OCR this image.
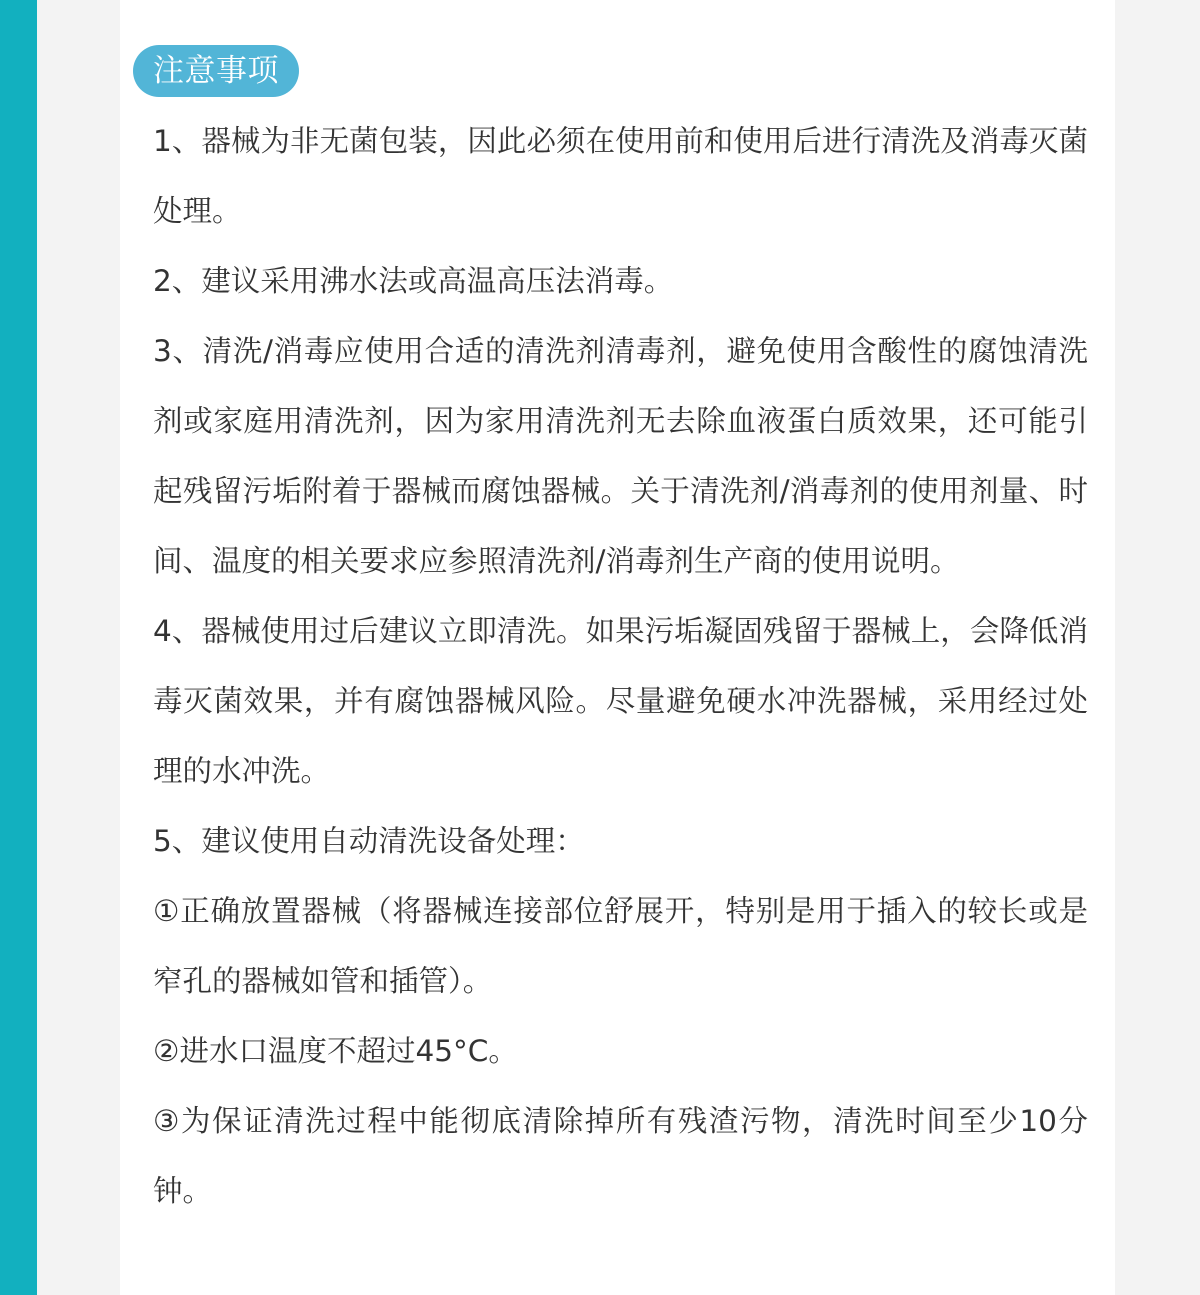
注意事项

1、器械为非无菌包装，因此必须在使用前和使用后进行清洗及消毒灭菌处理。

2、建议采用沸水法或高温高压法消毒。

3、清洗/消毒应使用合适的清洗剂清毒剂，避免使用含酸性的腐蚀清洗剂或家庭用清洗剂，因为家用清洗剂无去除血液蛋白质效果，还可能引起残留污垢附着于器械而腐蚀器械。关于清洗剂/消毒剂的使用剂量、时间、温度的相关要求应参照清洗剂/消毒剂生产商的使用说明。

4、器械使用过后建议立即清洗。如果污垢凝固残留于器械上，会降低消毒灭菌效果，并有腐蚀器械风险。尽量避免硬水冲洗器械，采用经过处理的水冲洗。

5、建议使用自动清洗设备处理：

①正确放置器械（将器械连接部位舒展开，特别是用于插入的较长或是窄孔的器械如管和插管）。

②进水口温度不超过45°C。

③为保证清洗过程中能彻底清除掉所有残渣污物，清洗时间至少10分钟。
